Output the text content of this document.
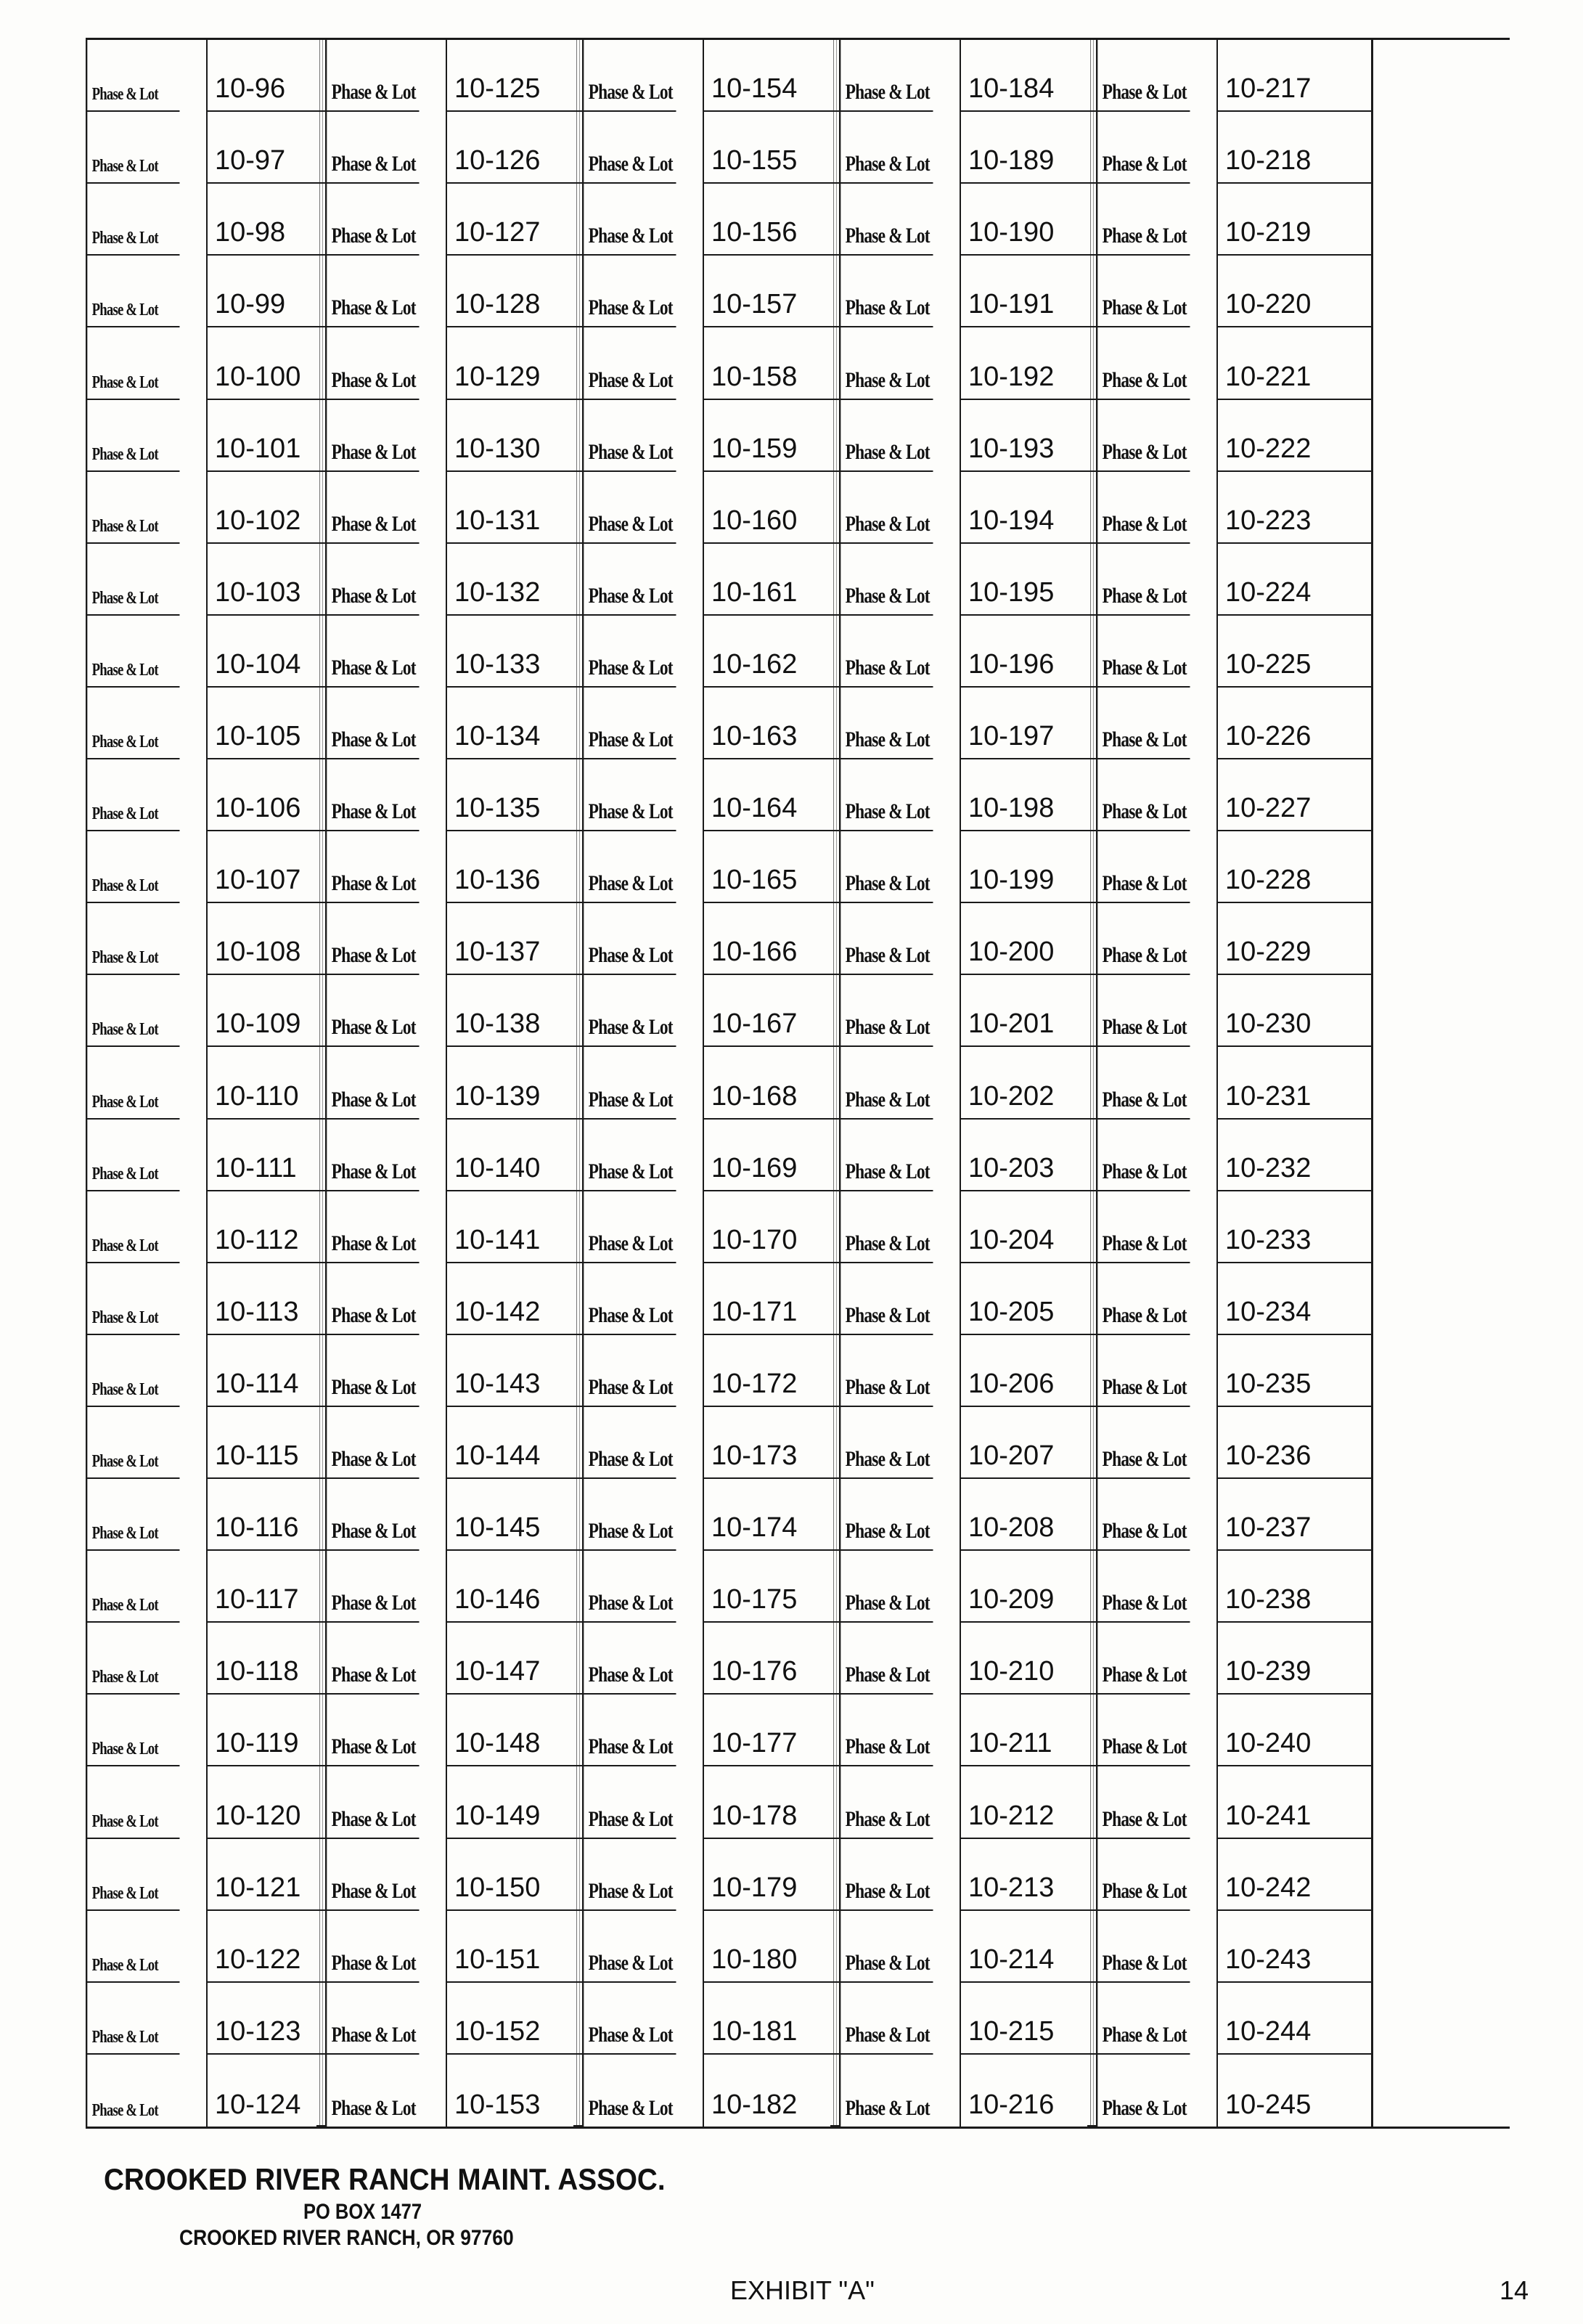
Phase & Lot	10-96	Phase & Lot	10-125	Phase & Lot	10-154	Phase & Lot	10-184	Phase & Lot	10-217
Phase & Lot	10-97	Phase & Lot	10-126	Phase & Lot	10-155	Phase & Lot	10-189	Phase & Lot	10-218
Phase & Lot	10-98	Phase & Lot	10-127	Phase & Lot	10-156	Phase & Lot	10-190	Phase & Lot	10-219
Phase & Lot	10-99	Phase & Lot	10-128	Phase & Lot	10-157	Phase & Lot	10-191	Phase & Lot	10-220
Phase & Lot	10-100	Phase & Lot	10-129	Phase & Lot	10-158	Phase & Lot	10-192	Phase & Lot	10-221
Phase & Lot	10-101	Phase & Lot	10-130	Phase & Lot	10-159	Phase & Lot	10-193	Phase & Lot	10-222
Phase & Lot	10-102	Phase & Lot	10-131	Phase & Lot	10-160	Phase & Lot	10-194	Phase & Lot	10-223
Phase & Lot	10-103	Phase & Lot	10-132	Phase & Lot	10-161	Phase & Lot	10-195	Phase & Lot	10-224
Phase & Lot	10-104	Phase & Lot	10-133	Phase & Lot	10-162	Phase & Lot	10-196	Phase & Lot	10-225
Phase & Lot	10-105	Phase & Lot	10-134	Phase & Lot	10-163	Phase & Lot	10-197	Phase & Lot	10-226
Phase & Lot	10-106	Phase & Lot	10-135	Phase & Lot	10-164	Phase & Lot	10-198	Phase & Lot	10-227
Phase & Lot	10-107	Phase & Lot	10-136	Phase & Lot	10-165	Phase & Lot	10-199	Phase & Lot	10-228
Phase & Lot	10-108	Phase & Lot	10-137	Phase & Lot	10-166	Phase & Lot	10-200	Phase & Lot	10-229
Phase & Lot	10-109	Phase & Lot	10-138	Phase & Lot	10-167	Phase & Lot	10-201	Phase & Lot	10-230
Phase & Lot	10-110	Phase & Lot	10-139	Phase & Lot	10-168	Phase & Lot	10-202	Phase & Lot	10-231
Phase & Lot	10-111	Phase & Lot	10-140	Phase & Lot	10-169	Phase & Lot	10-203	Phase & Lot	10-232
Phase & Lot	10-112	Phase & Lot	10-141	Phase & Lot	10-170	Phase & Lot	10-204	Phase & Lot	10-233
Phase & Lot	10-113	Phase & Lot	10-142	Phase & Lot	10-171	Phase & Lot	10-205	Phase & Lot	10-234
Phase & Lot	10-114	Phase & Lot	10-143	Phase & Lot	10-172	Phase & Lot	10-206	Phase & Lot	10-235
Phase & Lot	10-115	Phase & Lot	10-144	Phase & Lot	10-173	Phase & Lot	10-207	Phase & Lot	10-236
Phase & Lot	10-116	Phase & Lot	10-145	Phase & Lot	10-174	Phase & Lot	10-208	Phase & Lot	10-237
Phase & Lot	10-117	Phase & Lot	10-146	Phase & Lot	10-175	Phase & Lot	10-209	Phase & Lot	10-238
Phase & Lot	10-118	Phase & Lot	10-147	Phase & Lot	10-176	Phase & Lot	10-210	Phase & Lot	10-239
Phase & Lot	10-119	Phase & Lot	10-148	Phase & Lot	10-177	Phase & Lot	10-211	Phase & Lot	10-240
Phase & Lot	10-120	Phase & Lot	10-149	Phase & Lot	10-178	Phase & Lot	10-212	Phase & Lot	10-241
Phase & Lot	10-121	Phase & Lot	10-150	Phase & Lot	10-179	Phase & Lot	10-213	Phase & Lot	10-242
Phase & Lot	10-122	Phase & Lot	10-151	Phase & Lot	10-180	Phase & Lot	10-214	Phase & Lot	10-243
Phase & Lot	10-123	Phase & Lot	10-152	Phase & Lot	10-181	Phase & Lot	10-215	Phase & Lot	10-244
Phase & Lot	10-124	Phase & Lot	10-153	Phase & Lot	10-182	Phase & Lot	10-216	Phase & Lot	10-245
CROOKED RIVER RANCH MAINT. ASSOC.
PO BOX 1477
CROOKED RIVER RANCH, OR 97760
EXHIBIT "A"	14
